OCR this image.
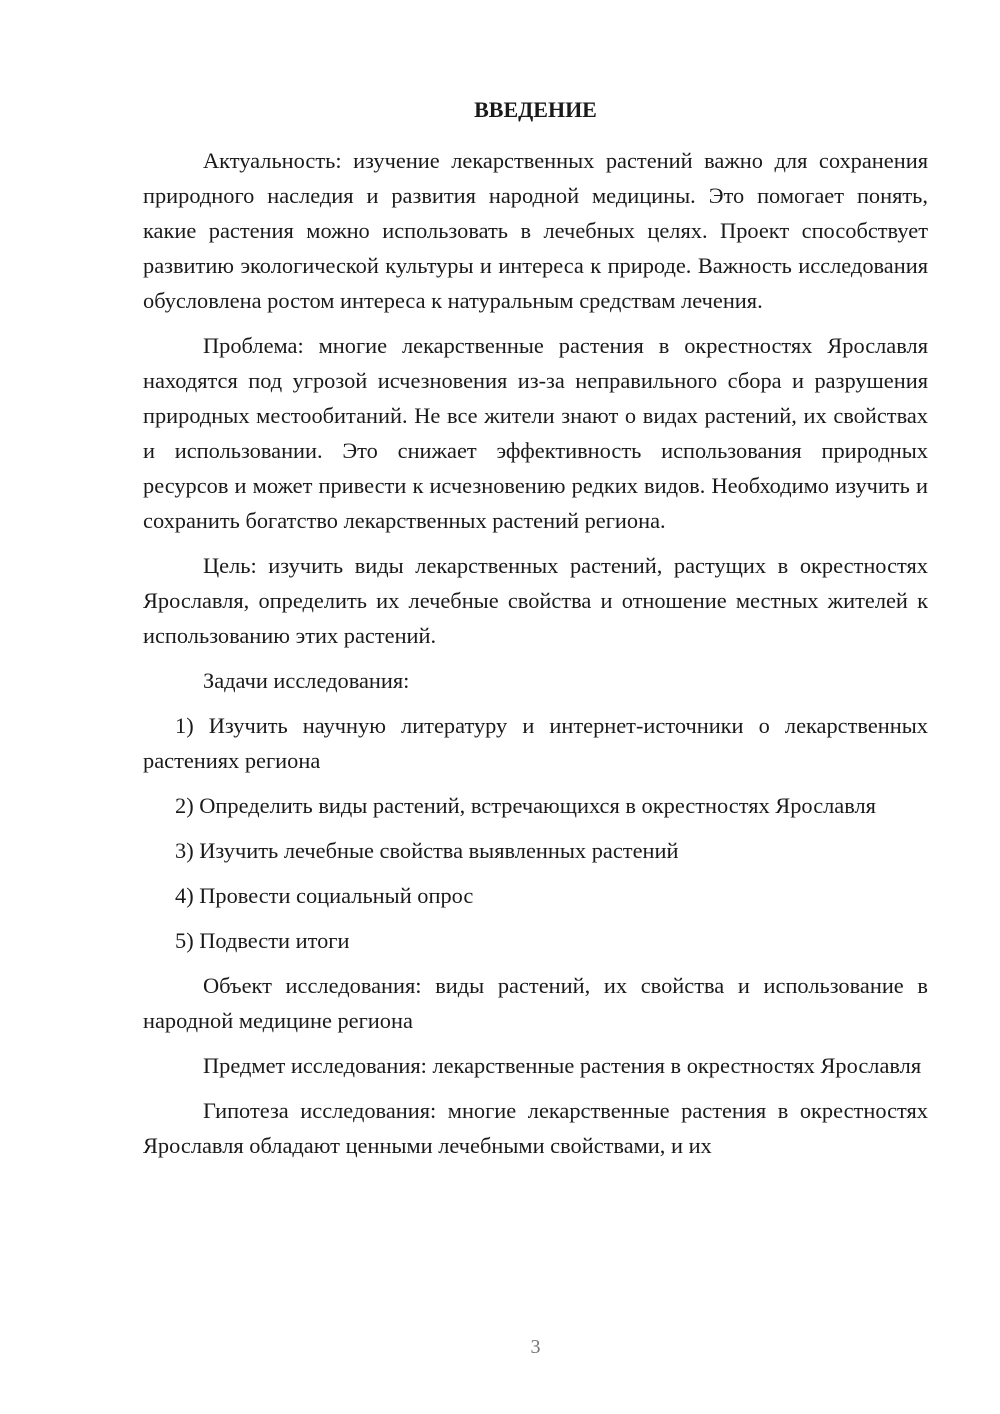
ВВЕДЕНИЕ

Актуальность: изучение лекарственных растений важно для сохранения природного наследия и развития народной медицины. Это помогает понять, какие растения можно использовать в лечебных целях. Проект способствует развитию экологической культуры и интереса к природе. Важность исследования обусловлена ростом интереса к натуральным средствам лечения.

Проблема: многие лекарственные растения в окрестностях Ярославля находятся под угрозой исчезновения из-за неправильного сбора и разрушения природных местообитаний. Не все жители знают о видах растений, их свойствах и использовании. Это снижает эффективность использования природных ресурсов и может привести к исчезновению редких видов. Необходимо изучить и сохранить богатство лекарственных растений региона.

Цель: изучить виды лекарственных растений, растущих в окрестностях Ярославля, определить их лечебные свойства и отношение местных жителей к использованию этих растений.

Задачи исследования:

1) Изучить научную литературу и интернет-источники о лекарственных растениях региона

2) Определить виды растений, встречающихся в окрестностях Ярославля

3) Изучить лечебные свойства выявленных растений

4) Провести социальный опрос

5) Подвести итоги

Объект исследования: виды растений, их свойства и использование в народной медицине региона

Предмет исследования: лекарственные растения в окрестностях Ярославля

Гипотеза исследования: многие лекарственные растения в окрестностях Ярославля обладают ценными лечебными свойствами, и их

3
